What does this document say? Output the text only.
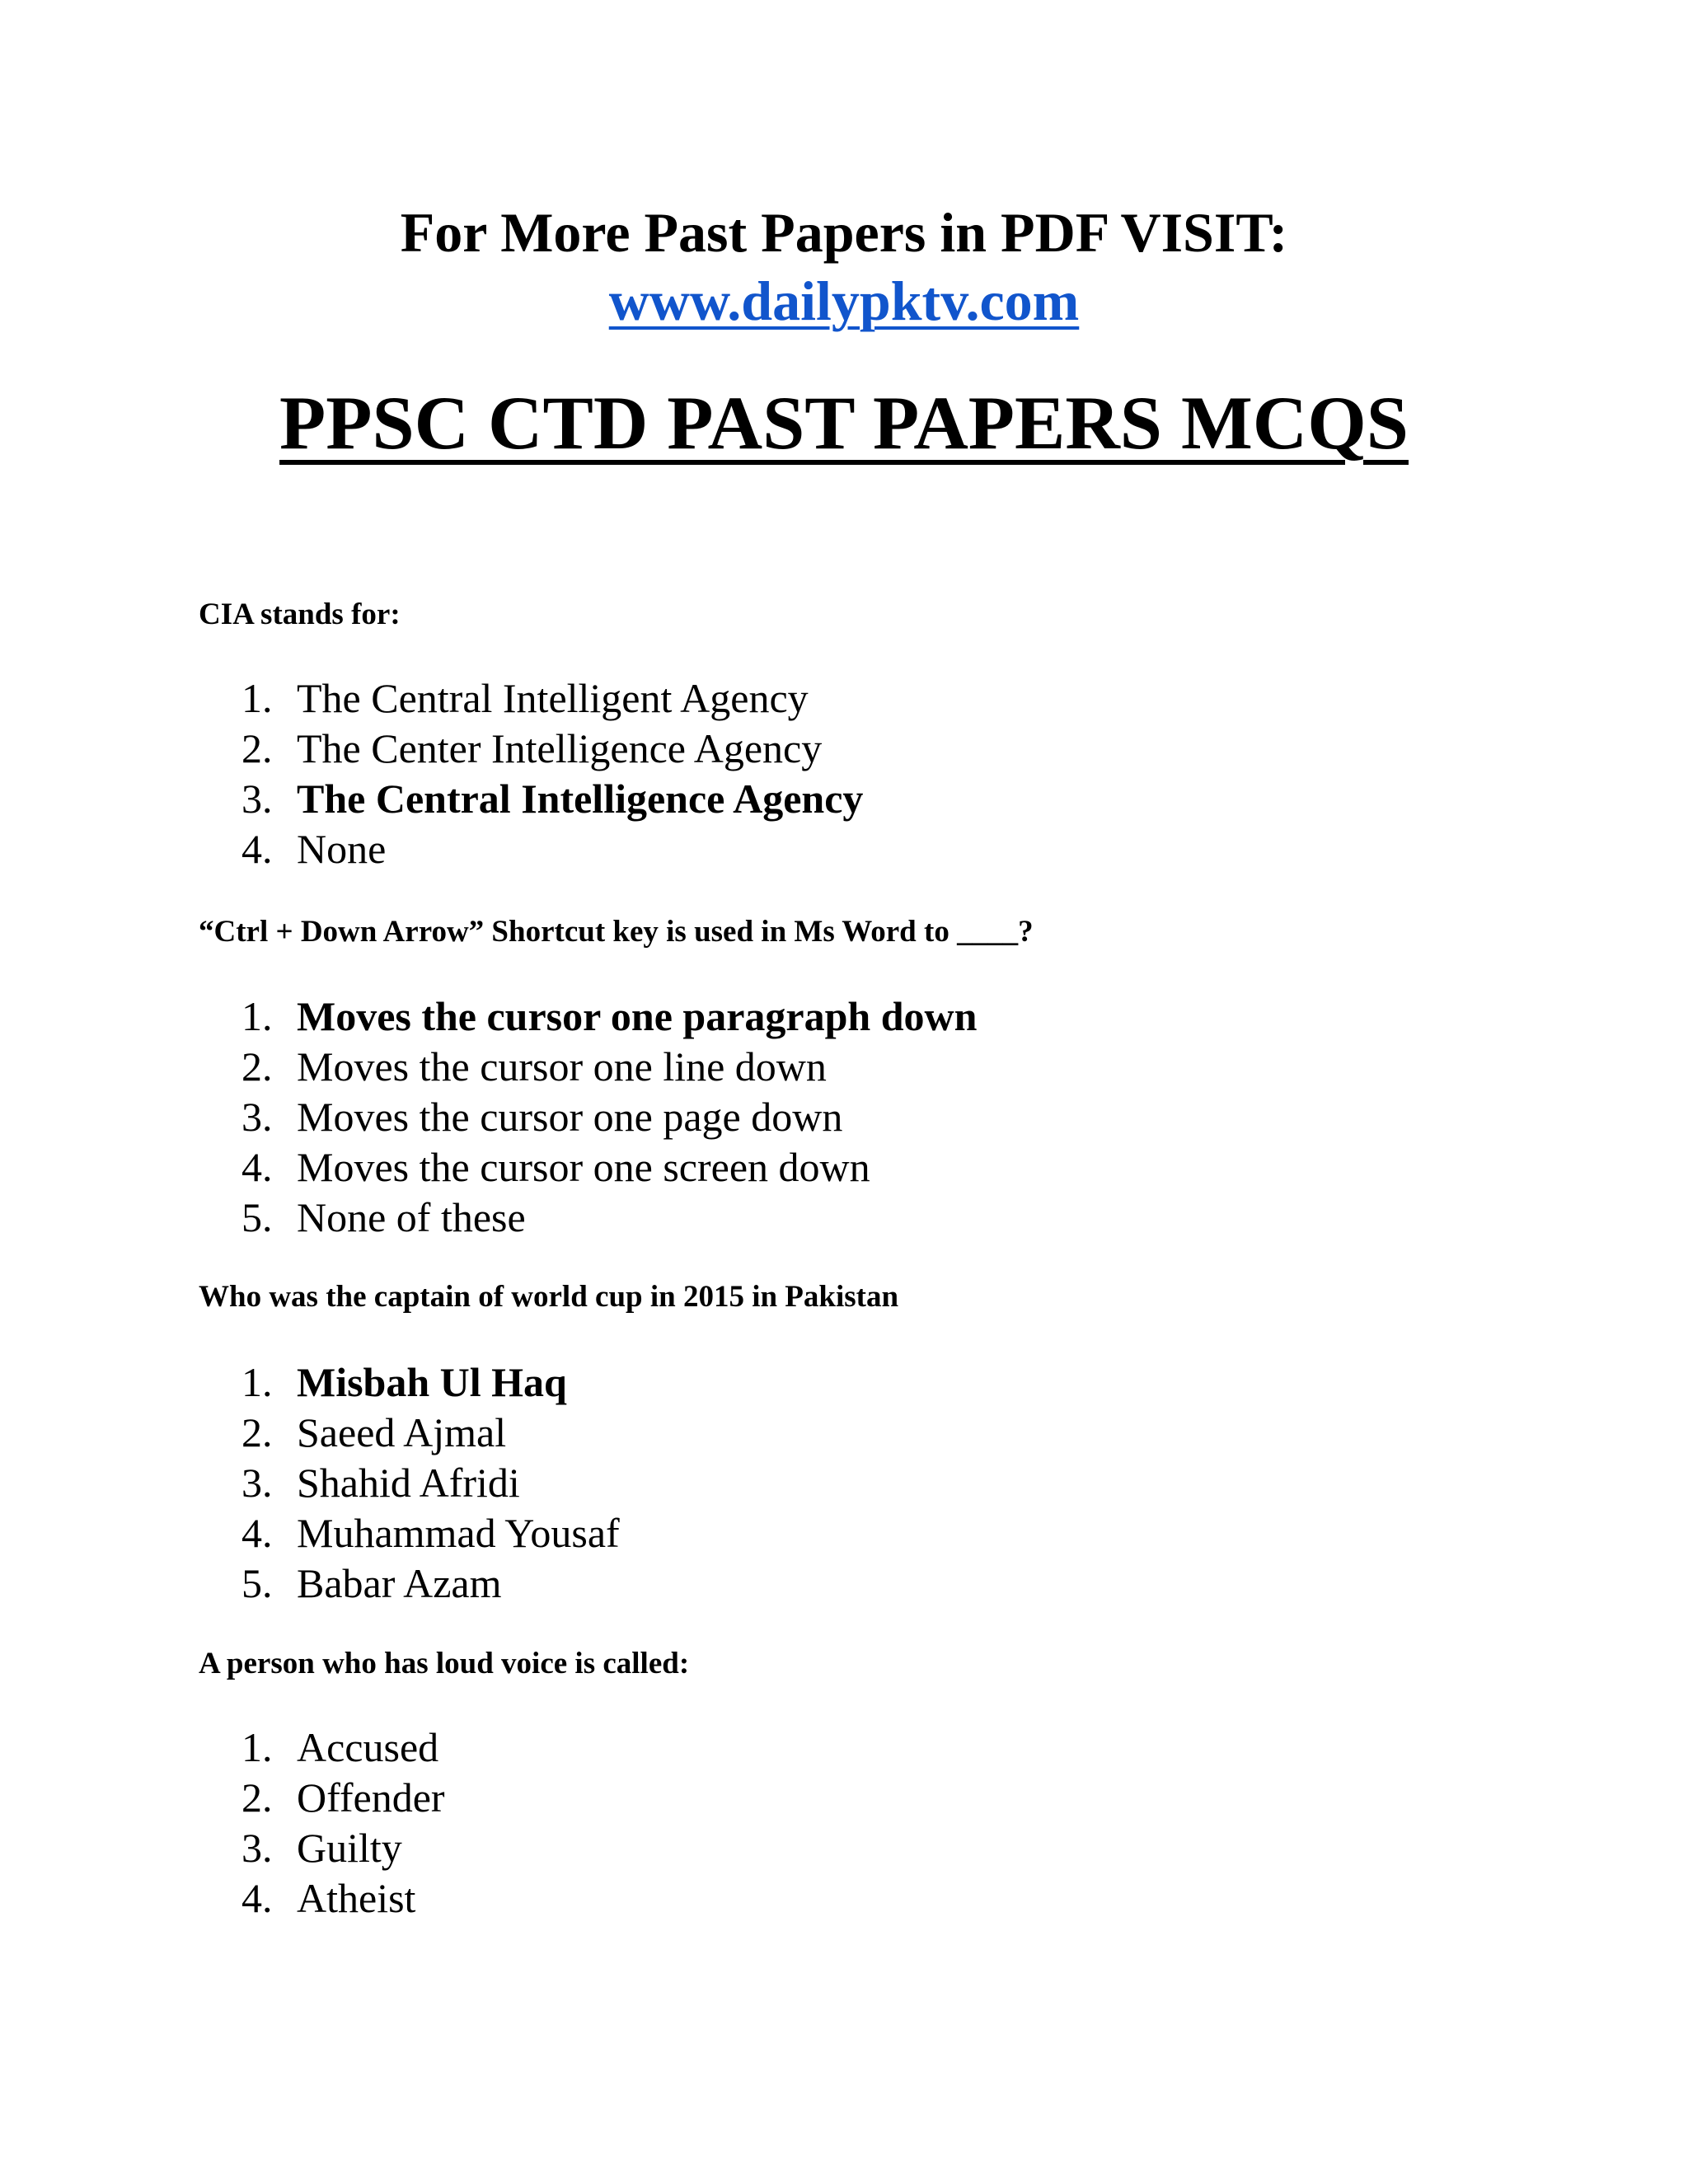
For More Past Papers in PDF VISIT:
www.dailypktv.com
PPSC CTD PAST PAPERS MCQS
CIA stands for:
1. The Central Intelligent Agency
2. The Center Intelligence Agency
3. The Central Intelligence Agency
4. None
“Ctrl + Down Arrow” Shortcut key is used in Ms Word to ____?
1. Moves the cursor one paragraph down
2. Moves the cursor one line down
3. Moves the cursor one page down
4. Moves the cursor one screen down
5. None of these
Who was the captain of world cup in 2015 in Pakistan
1. Misbah Ul Haq
2. Saeed Ajmal
3. Shahid Afridi
4. Muhammad Yousaf
5. Babar Azam
A person who has loud voice is called:
1. Accused
2. Offender
3. Guilty
4. Atheist
